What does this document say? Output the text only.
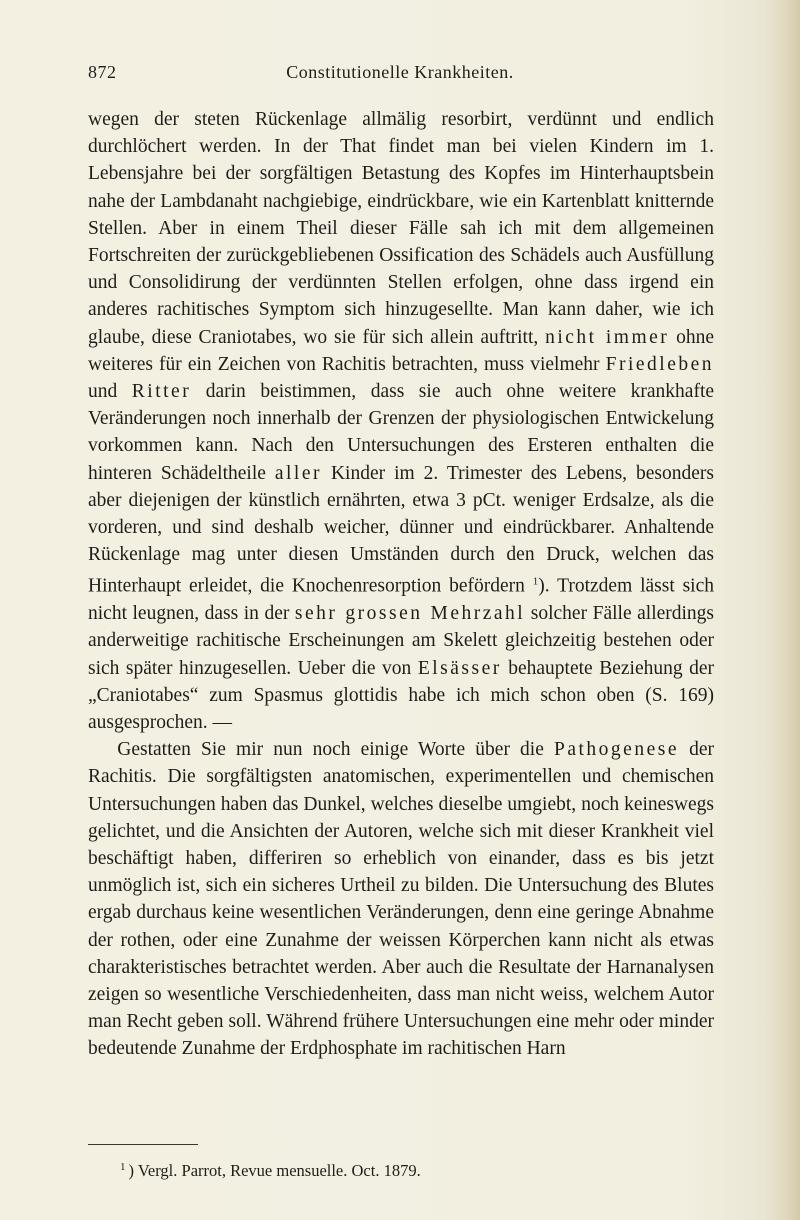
872	Constitutionelle Krankheiten.

wegen der steten Rückenlage allmälig resorbirt, verdünnt und endlich durchlöchert werden. In der That findet man bei vielen Kindern im 1. Lebensjahre bei der sorgfältigen Betastung des Kopfes im Hinterhauptsbein nahe der Lambdanaht nachgiebige, eindrückbare, wie ein Kartenblatt knitternde Stellen. Aber in einem Theil dieser Fälle sah ich mit dem allgemeinen Fortschreiten der zurückgebliebenen Ossification des Schädels auch Ausfüllung und Consolidirung der verdünnten Stellen erfolgen, ohne dass irgend ein anderes rachitisches Symptom sich hinzugesellte. Man kann daher, wie ich glaube, diese Craniotabes, wo sie für sich allein auftritt, nicht immer ohne weiteres für ein Zeichen von Rachitis betrachten, muss vielmehr Friedleben und Ritter darin beistimmen, dass sie auch ohne weitere krankhafte Veränderungen noch innerhalb der Grenzen der physiologischen Entwickelung vorkommen kann. Nach den Untersuchungen des Ersteren enthalten die hinteren Schädeltheile aller Kinder im 2. Trimester des Lebens, besonders aber diejenigen der künstlich ernährten, etwa 3 pCt. weniger Erdsalze, als die vorderen, und sind deshalb weicher, dünner und eindrückbarer. Anhaltende Rückenlage mag unter diesen Umständen durch den Druck, welchen das Hinterhaupt erleidet, die Knochenresorption befördern $^1$). Trotzdem lässt sich nicht leugnen, dass in der sehr grossen Mehrzahl solcher Fälle allerdings anderweitige rachitische Erscheinungen am Skelett gleichzeitig bestehen oder sich später hinzugesellen. Ueber die von Elsässer behauptete Beziehung der „Craniotabes“ zum Spasmus glottidis habe ich mich schon oben (S. 169) ausgesprochen. —

Gestatten Sie mir nun noch einige Worte über die Pathogenese der Rachitis. Die sorgfältigsten anatomischen, experimentellen und chemischen Untersuchungen haben das Dunkel, welches dieselbe umgiebt, noch keineswegs gelichtet, und die Ansichten der Autoren, welche sich mit dieser Krankheit viel beschäftigt haben, differiren so erheblich von einander, dass es bis jetzt unmöglich ist, sich ein sicheres Urtheil zu bilden. Die Untersuchung des Blutes ergab durchaus keine wesentlichen Veränderungen, denn eine geringe Abnahme der rothen, oder eine Zunahme der weissen Körperchen kann nicht als etwas charakteristisches betrachtet werden. Aber auch die Resultate der Harnanalysen zeigen so wesentliche Verschiedenheiten, dass man nicht weiss, welchem Autor man Recht geben soll. Während frühere Untersuchungen eine mehr oder minder bedeutende Zunahme der Erdphosphate im rachitischen Harn

$^1$ ) Vergl. Parrot, Revue mensuelle. Oct. 1879.
